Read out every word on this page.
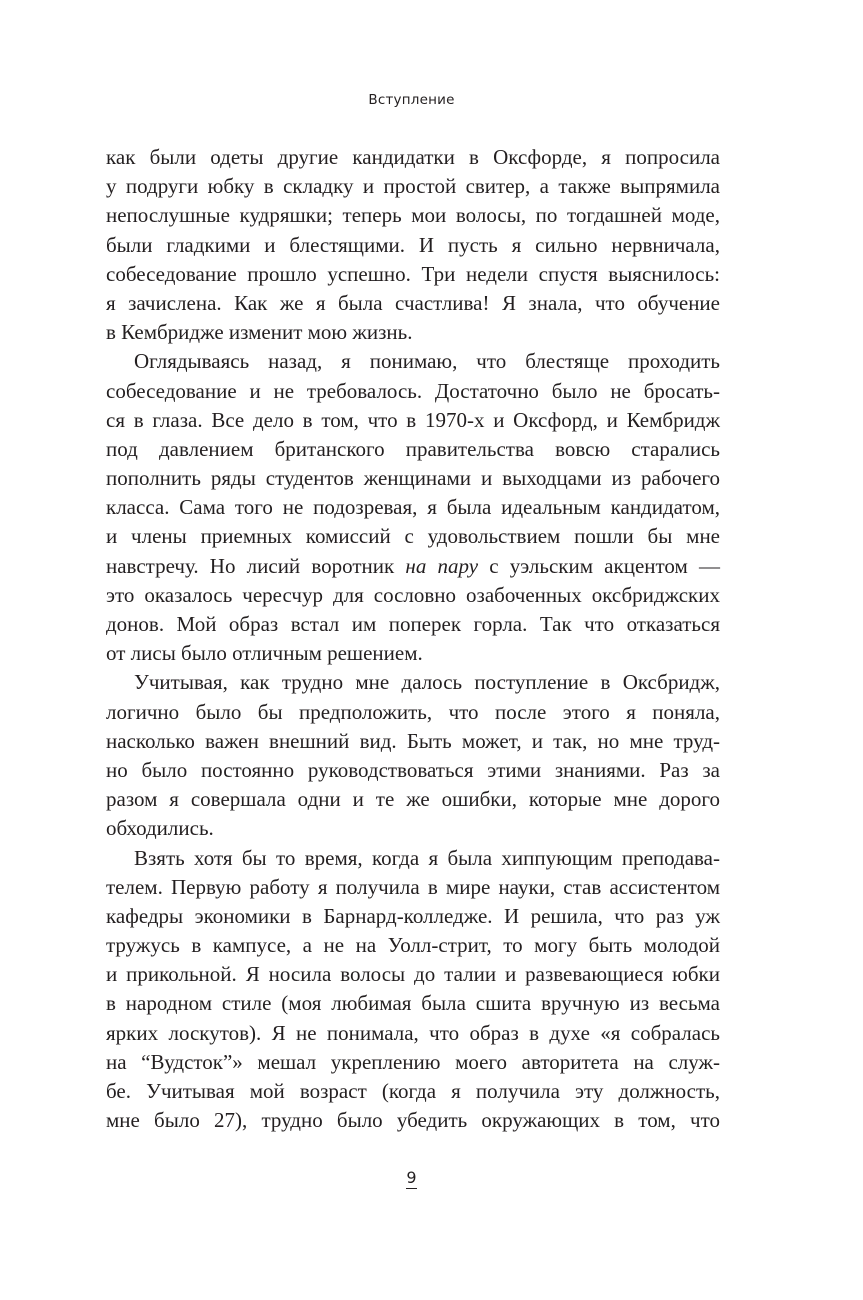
Вступление
как были одеты другие кандидатки в Оксфорде, я попросила
у подруги юбку в складку и простой свитер, а также выпрямила
непослушные кудряшки; теперь мои волосы, по тогдашней моде,
были гладкими и блестящими. И пусть я сильно нервничала,
собеседование прошло успешно. Три недели спустя выяснилось:
я зачислена. Как же я была счастлива! Я знала, что обучение
в Кембридже изменит мою жизнь.
Оглядываясь назад, я понимаю, что блестяще проходить
собеседование и не требовалось. Достаточно было не бросать-
ся в глаза. Все дело в том, что в 1970-х и Оксфорд, и Кембридж
под давлением британского правительства вовсю старались
пополнить ряды студентов женщинами и выходцами из рабочего
класса. Сама того не подозревая, я была идеальным кандидатом,
и члены приемных комиссий с удовольствием пошли бы мне
навстречу. Но лисий воротник на пару с уэльским акцентом —
это оказалось чересчур для сословно озабоченных оксбриджских
донов. Мой образ встал им поперек горла. Так что отказаться
от лисы было отличным решением.
Учитывая, как трудно мне далось поступление в Оксбридж,
логично было бы предположить, что после этого я поняла,
насколько важен внешний вид. Быть может, и так, но мне труд-
но было постоянно руководствоваться этими знаниями. Раз за
разом я совершала одни и те же ошибки, которые мне дорого
обходились.
Взять хотя бы то время, когда я была хиппующим преподава-
телем. Первую работу я получила в мире науки, став ассистентом
кафедры экономики в Барнард-колледже. И решила, что раз уж
тружусь в кампусе, а не на Уолл-стрит, то могу быть молодой
и прикольной. Я носила волосы до талии и развевающиеся юбки
в народном стиле (моя любимая была сшита вручную из весьма
ярких лоскутов). Я не понимала, что образ в духе «я собралась
на “Вудсток”» мешал укреплению моего авторитета на служ-
бе. Учитывая мой возраст (когда я получила эту должность,
мне было 27), трудно было убедить окружающих в том, что
9
